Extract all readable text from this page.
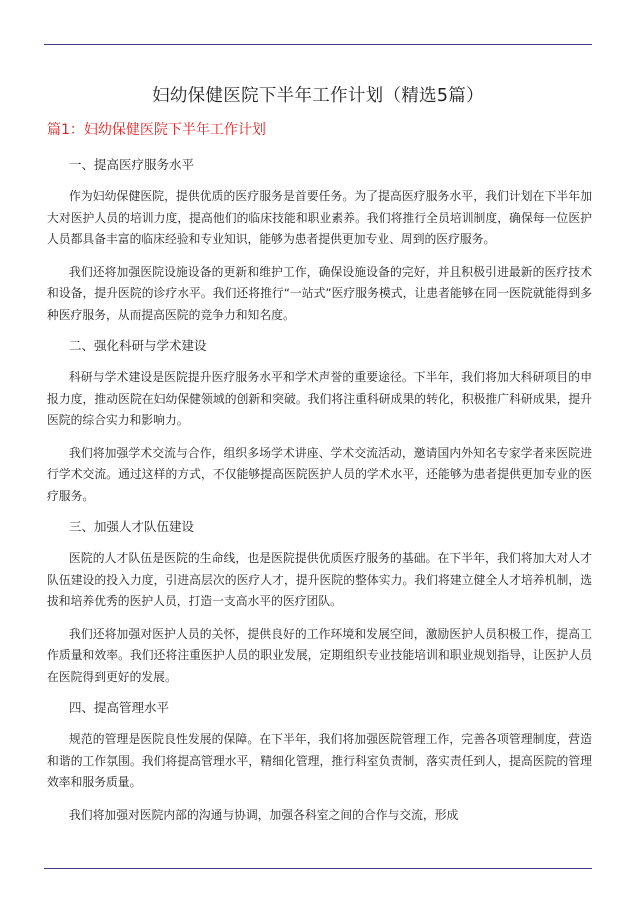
妇幼保健医院下半年工作计划（精选5篇）
篇1：妇幼保健医院下半年工作计划

一、提高医疗服务水平

作为妇幼保健医院，提供优质的医疗服务是首要任务。为了提高医疗服务水平，我们计划在下半年加大对医护人员的培训力度，提高他们的临床技能和职业素养。我们将推行全员培训制度，确保每一位医护人员都具备丰富的临床经验和专业知识，能够为患者提供更加专业、周到的医疗服务。

我们还将加强医院设施设备的更新和维护工作，确保设施设备的完好，并且积极引进最新的医疗技术和设备，提升医院的诊疗水平。我们还将推行“一站式”医疗服务模式，让患者能够在同一医院就能得到多种医疗服务，从而提高医院的竞争力和知名度。

二、强化科研与学术建设

科研与学术建设是医院提升医疗服务水平和学术声誉的重要途径。下半年，我们将加大科研项目的申报力度，推动医院在妇幼保健领域的创新和突破。我们将注重科研成果的转化，积极推广科研成果，提升医院的综合实力和影响力。

我们将加强学术交流与合作，组织多场学术讲座、学术交流活动，邀请国内外知名专家学者来医院进行学术交流。通过这样的方式，不仅能够提高医院医护人员的学术水平，还能够为患者提供更加专业的医疗服务。

三、加强人才队伍建设

医院的人才队伍是医院的生命线，也是医院提供优质医疗服务的基础。在下半年，我们将加大对人才队伍建设的投入力度，引进高层次的医疗人才，提升医院的整体实力。我们将建立健全人才培养机制，选拔和培养优秀的医护人员，打造一支高水平的医疗团队。

我们还将加强对医护人员的关怀，提供良好的工作环境和发展空间，激励医护人员积极工作，提高工作质量和效率。我们还将注重医护人员的职业发展，定期组织专业技能培训和职业规划指导，让医护人员在医院得到更好的发展。

四、提高管理水平

规范的管理是医院良性发展的保障。在下半年，我们将加强医院管理工作，完善各项管理制度，营造和谐的工作氛围。我们将提高管理水平，精细化管理，推行科室负责制，落实责任到人，提高医院的管理效率和服务质量。

我们将加强对医院内部的沟通与协调，加强各科室之间的合作与交流，形成
